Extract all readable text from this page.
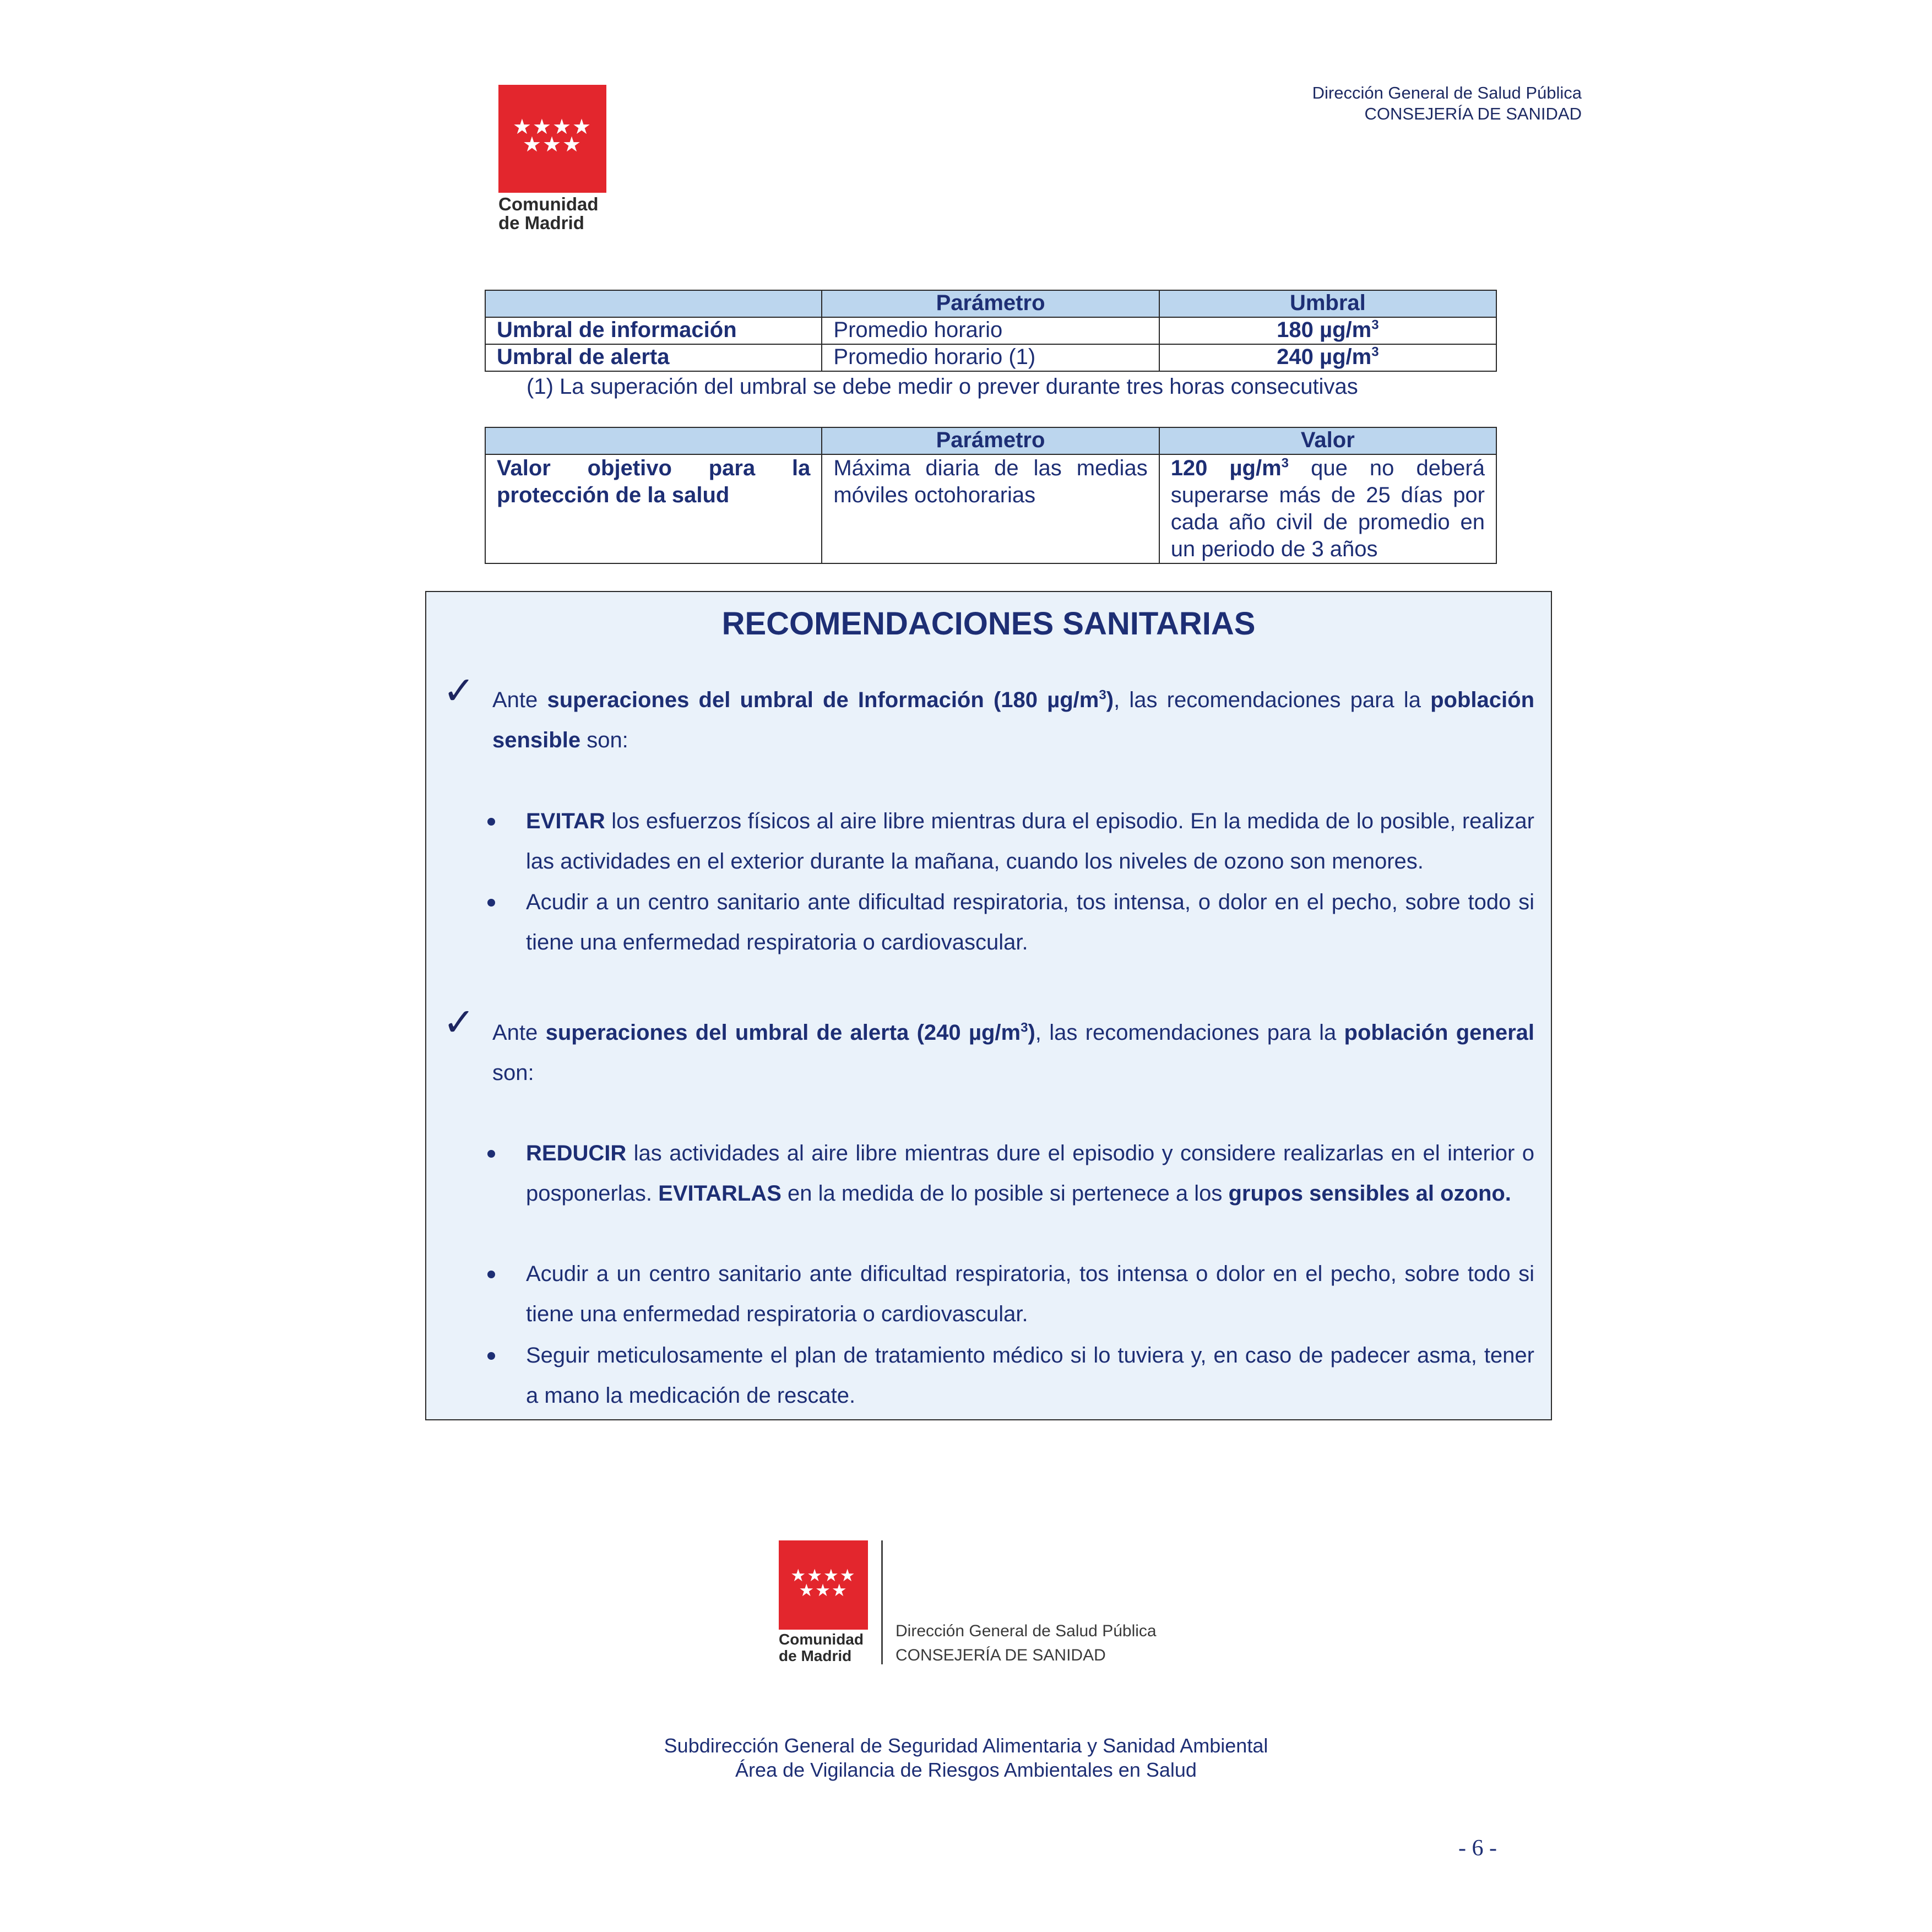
★★★★
★★★
Comunidad
de Madrid
Dirección General de Salud Pública
CONSEJERÍA DE SANIDAD
	Parámetro	Umbral
Umbral de información	Promedio horario	180 $\mu g/m^3$
Umbral de alerta	Promedio horario (1)	240 $\mu g/m^3$
(1) La superación del umbral se debe medir o prever durante tres horas consecutivas
	Parámetro	Valor
Valor objetivo para la protección de la salud	Máxima diaria de las medias móviles octohorarias	120 $\mu g/m^3$ que no deberá superarse más de 25 días por cada año civil de promedio en un periodo de 3 años
RECOMENDACIONES SANITARIAS
✓ Ante superaciones del umbral de Información (180 $\mu g/m^3$), las recomendaciones para la población sensible son:
EVITAR los esfuerzos físicos al aire libre mientras dura el episodio. En la medida de lo posible, realizar las actividades en el exterior durante la mañana, cuando los niveles de ozono son menores.
Acudir a un centro sanitario ante dificultad respiratoria, tos intensa, o dolor en el pecho, sobre todo si tiene una enfermedad respiratoria o cardiovascular.
✓ Ante superaciones del umbral de alerta (240 $\mu g/m^3$), las recomendaciones para la población general son:
REDUCIR las actividades al aire libre mientras dure el episodio y considere realizarlas en el interior o posponerlas. EVITARLAS en la medida de lo posible si pertenece a los grupos sensibles al ozono.
Acudir a un centro sanitario ante dificultad respiratoria, tos intensa o dolor en el pecho, sobre todo si tiene una enfermedad respiratoria o cardiovascular.
Seguir meticulosamente el plan de tratamiento médico si lo tuviera y, en caso de padecer asma, tener a mano la medicación de rescate.
★★★★
★★★
Comunidad
de Madrid
Dirección General de Salud Pública
CONSEJERÍA DE SANIDAD
Subdirección General de Seguridad Alimentaria y Sanidad Ambiental
Área de Vigilancia de Riesgos Ambientales en Salud
- 6 -
